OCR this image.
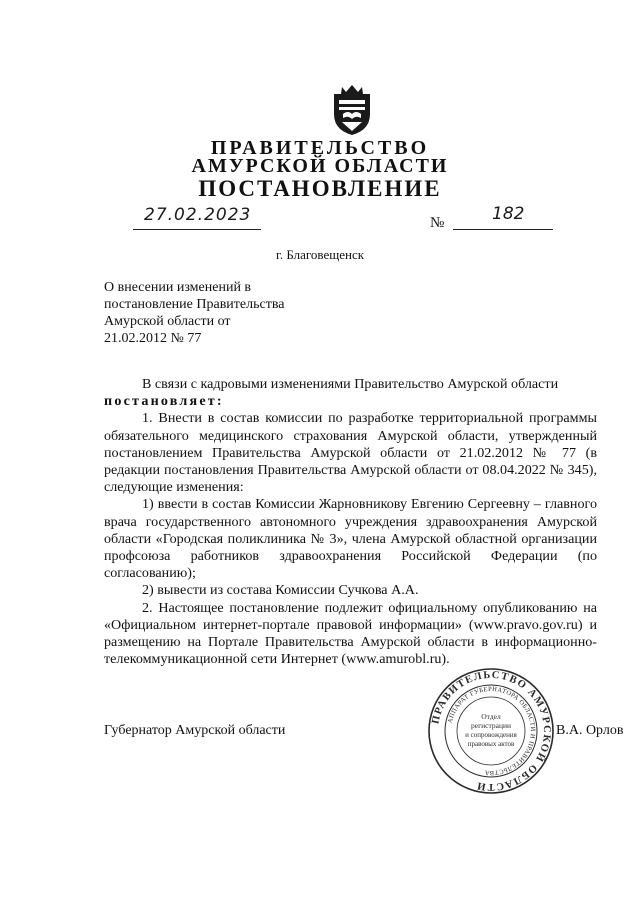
ПРАВИТЕЛЬСТВО
АМУРСКОЙ ОБЛАСТИ
ПОСТАНОВЛЕНИЕ
27.02.2023	№	182
г. Благовещенск
О внесении изменений в
постановление Правительства
Амурской области от
21.02.2012 № 77

В связи с кадровыми изменениями Правительство Амурской области

постановляет:

1. Внести в состав комиссии по разработке территориальной программы обязательного медицинского страхования Амурской области, утвержденный постановлением Правительства Амурской области от 21.02.2012 № 77 (в редакции постановления Правительства Амурской области от 08.04.2022 № 345), следующие изменения:

1) ввести в состав Комиссии Жарновникову Евгению Сергеевну – главного врача государственного автономного учреждения здравоохранения Амурской области «Городская поликлиника № 3», члена Амурской областной организации профсоюза работников здравоохранения Российской Федерации (по согласованию);

2) вывести из состава Комиссии Сучкова А.А.

2. Настоящее постановление подлежит официальному опубликованию на «Официальном интернет-портале правовой информации» (www.pravo.gov.ru) и размещению на Портале Правительства Амурской области в информационно-телекоммуникационной сети Интернет (www.amurobl.ru).

Губернатор Амурской области
ПРАВИТЕЛЬСТВО АМУРСКОЙ ОБЛАСТИ
АППАРАТ ГУБЕРНАТОРА ОБЛАСТИ И ПРАВИТЕЛЬСТВА
Отдел
регистрации
и сопровождения
правовых актов
В.А. Орлов
